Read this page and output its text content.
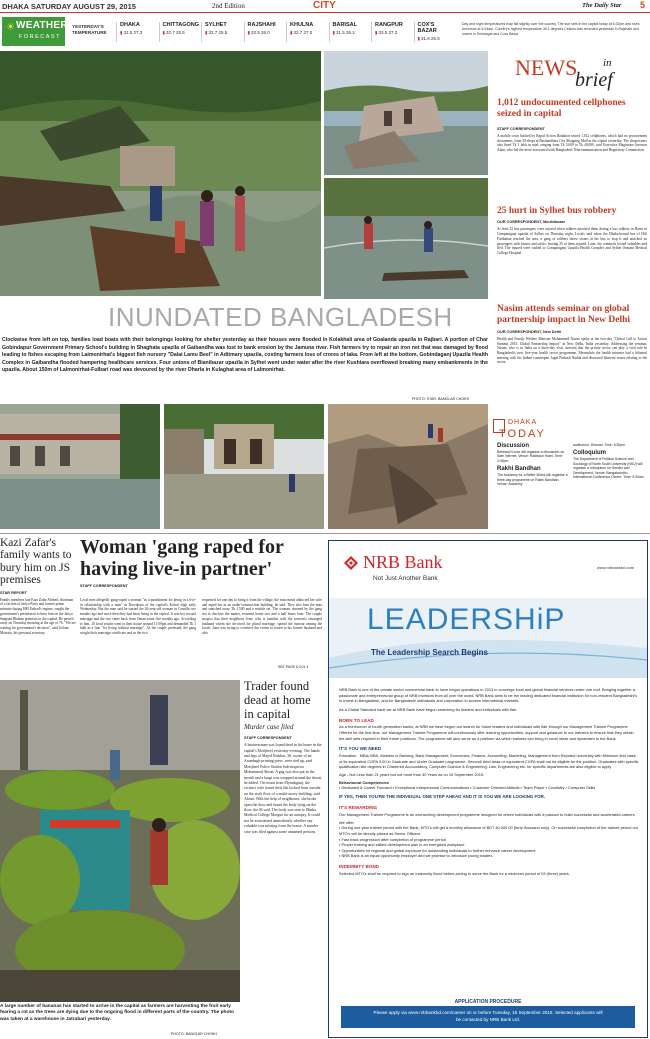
DHAKA SATURDAY AUGUST 29, 2015	2nd Edition	CITY	The Daily Star 5
☀ WEATHER
FORECAST
YESTERDAY'S TEMPERATURE
DHAKA
▮32.5 27.3
CHITTAGONG
▮32.7 25.5
SYLHET
▮32.7 25.5
RAJSHAHI
▮33.5 26.0
KHULNA
▮32.7 27.0
BARISAL
▮31.5 26.2
RANGPUR
▮33.5 27.2
COX'S BAZAR
▮31.6 26.5
Day and night temperatures may fall slightly over the country. The sun sets in the capital today at 6:32pm and rises tomorrow at 5:34am. Country's highest temperature 35.1 degrees Celsius was recorded yesterday in Rajshahi and lowest in Srimangal and Coxs Bazar.
NEWS in
brief
1,012 undocumented cellphones seized in capital
STAFF CORRESPONDENT
A mobile court backed by Rapid Action Battalion seized 1,012 cellphones, which had no procurement documents, from 30 shops at Bashundhara City Shopping Mall in the capital yesterday. The shopowners also fined Tk 1 lakh in total, ranging from Tk 5,000 to Tk 40,000, said Executive Magistrate Sarowar Alam, who led the drive associated with Bangladesh Telecommunication and Regulatory Commission.
25 hurt in Sylhet bus robbery
OUR CORRESPONDENT, Moulvibazar
At least 25 bus passengers were injured when robbers attacked them during a bus robbery in Barni in Companiganj upazila of Sylhet on Thursday night. Locals said when the Dhaka-bound bus of Hifi Paribahan reached the area, a gang of robbers threw stones at the bus to stop it and attacked its passengers with knives and sticks, leaving 25 of them injured. Later, the criminals looted valuables and fled. The injured were rushed to Companiganj Upazila Health Complex and Sylhet Osmani Medical College Hospital.
Nasim attends seminar on global partnership impact in New Delhi
OUR CORRESPONDENT, New Delhi
Health and Family Welfare Minister Mohammed Nasim spoke at the two-day "Global Call to Action Summit 2015: Global Partnership Impact" in New Delhi, India yesterday. Addressing the seminar, Nasim, who is in India on a three-day visit, stressed that the private sector can play a vital role in Bangladesh's new five-year health sector programme. Meanwhile the health minister had a bilateral meeting with his Indian counterpart Jagat Prakash Nadda and discussed bilateral issues relating to the sector.
INUNDATED BANGLADESH
Clockwise from left on top, families load boats with their belongings looking for shelter yesterday as their houses were flooded in Kolakhali area of Goalanda upazila in Rajbari. A portion of Char Gobindapur Government Primary School's building in Shaghata upazila of Gaibandha was lost to bank erosion by the Jamuna river. Fish farmers try to repair an iron net that was damaged by flood leading to fishes escaping from Laimonirhat's biggest fish nursery "Dalai Lamu Beel" in Aditmary upazila, costing farmers loss of crores of taka. From left at the bottom, Gobindaganj Upazila Health Complex in Gaibandha flooded hampering healthcare services. Four unions of Bianibazar upazila in Sylhet went under water after the river Kushiara overflowed breaking many embankments in the upazila. About 150m of Lalmonirhat-Fulbari road was devoured by the river Dharla in Kulaghat area of Lalmonirhat.
PHOTO: STAR, BANGLAR CHOKH
DHAKA
TODAY
Discussion
Bdnews24.com will organise a discussion on Safe Internet, Venue: Radisson Hotel, Time: 3:30pm
Rakhi Bandhan
The Academy for a Better World will organise a three-day programme on Rakhi Bandhan, Venue: Academy
auditorium, Dhanad, Time: 6:30pm
Colloquium
The Department of Political Science and Sociology of North South University (NSU) will organise a colloquium on Gender and Development, Venue: Bangabandhu International Conference Centre, Time: 9:30am
Kazi Zafar's family wants to bury him on JS premises
STAR REPORT
Family members late Kazi Zafar Ahmed, chairman of a faction of Jatiya Party and former prime minister during HM Ershad's regime, sought the government's permission to bury him on the Jatiya Sangsad Bhaban premises in the capital. He passed away on Thursday morning at the age of 76. "We are waiting for government's decision", said Golam Mostafa, his personal secretary.
Woman 'gang raped for having live-in partner'
STAFF CORRESPONDENT
Local men allegedly gang-raped a woman "as a punishment for being in a live-in relationship with a man" in Nowdpara of the capital's Kafrul high early Wednesday. But the man said he started the 26-year-old woman in Comilla two months ago and since then they had been living in the capital. It was her second marriage and the two came back from Oman some five months ago. According to him, 10 local youths went to their house around 11:00pm and demanded Tk 1 lakh as a fine "for living without marriage". As the couple protested, the gang sought their marriage certificate and as the two
requested for one day to bring it from the village, the miscreants abducted her wife and raped her in an under-construction building, he said. They also beat the man and snatched away Tk 1,500 and a mobile set. The woman, stunned by the gang not to disclose the matter, returned home two and a half hours later. The couple suspect that their neighbour Jonu, who is familiar with the woman's estranged husband whom she divorced for plural marriage, spread the rumour among the locals. Jonu was trying to convince the victim to return to his former husband and also
SEE PAGE 6 COL 4
A large number of bananas has started to arrive in the capital as farmers are harvesting the fruit early fearing a rot as the trees are dying due to the ongoing flood in different parts of the country. The photo was taken at a warehouse in Jatrabari yesterday.
PHOTO: BANGLAR CHOKH
Trader found dead at home in capital
Murder case filed
STAFF CORRESPONDENT
A businessman was found dead in his home in the capital's Motijheel yesterday evening. The hands and legs of Majed Iftekhar, 36, owner of an Arambagh printing press, were tied up, said Motijheel Police Station Sub-inspector Mohammad Abrun. A gag was also put in the mouth and a lungi was wrapped around the throat, he added. On return from Mymshgunj, the victim's wife found their flat locked from outside on the sixth floor of a multi-storey building, said Abrun. With the help of neighbours, she broke open the door and found the body lying on the floor, the SI said. The body was sent to Dhaka Medical College Morgue for an autopsy. It could not be ascertained immediately whether any valuable was missing from the house. A murder case was filed against some unnamed persons.
NRB Bank
Not Just Another Bank
www.nrbbankbd.com
LEADERSHiP
The Leadership Search Begins
NRB Bank is one of the private sector commercial bank to have begun operations in 2013 to converge local and global financial services under one roof. Bringing together a passionate and entrepreneurial group of NRB investors from all over the world, NRB Bank aims to be the leading dedicated financial institution for non-resident Bangladeshi's to invest in Bangladesh, and for Bangladeshi individuals and corporation to access international markets.
As a Global Standard bank we at NRB Bank have begun searching for leaders and individuals with flair.
BORN TO LEAD
As a frontrunner of fourth generation banks, at NRB we have begun our search for future leaders and individuals with flair through our Management Trainee Programme Offered for the first time, our Management Trainee Programme will continuously offer learning opportunities, support and guidance to our trainees to ensure that they obtain the skill sets required in their future positions. The programme will also serve as a platform via which trainees can bring in novel ideas and dynamism to the Bank.
IT'S YOU WE NEED
Education - MBA/ BBA, Masters in Banking, Bank Management, Economics, Finance, Accounting, Marketing, Management from Reputed University with Minimum first class or its equivalent CGPA 3.00 in Graduate and Under Graduate programme. Second/ third class or equivalent CGPA shall not be eligible for the position. Graduates with specific qualification like degrees in Chartered Accountancy, Computer Science & Engineering, Law, Engineering etc. for specific departments are also eligible to apply.
Age - Not Less than 21 years but not more than 30 Years as on 15 September 2015.
Behavioural Competencies
▪ Dedicated & Career Focused ▪ Exceptional Interpersonal Communications ▪ Customer Oriented Attitude ▪ Team Player ▪ Creativity ▪ Computer Skills
IF YES, THEN YOU'RE THE INDIVIDUAL ONE STEP AHEAD AND IT IS YOU WE ARE LOOKING FOR.
IT'S REWARDING
Our Management Trainee Programme is an overarching development programme designed for driven individuals with a passion to build successful and accelerated careers.
We offer:
▪ During one year trainee period with the Bank, MTO's will get a monthly allowance of BDT 40,000.00 (forty thousand only). On successful completion of the trainee period our MTO's will be directly placed as Senior Officers.
▪ Fast track progression after completion of programme period
▪ Proper training and skilled development plan in an energized workplace
▪ Opportunities for regional and global exposure for outstanding individuals to further enhance career development
▪ NRB Bank is an equal opportunity employer and we promise to introduce young leaders
INDEMNITY BOND
Selected MTO's shall be required to sign an Indemnity Bond before joining to serve the Bank for a minimum period of 03 (three) years.
APPLICATION PROCEDURE
Please apply via www.nrbbankbd.com/career on or before Tuesday, 15 September 2015. Selected applicants will be contacted by NRB Bank Ltd.
